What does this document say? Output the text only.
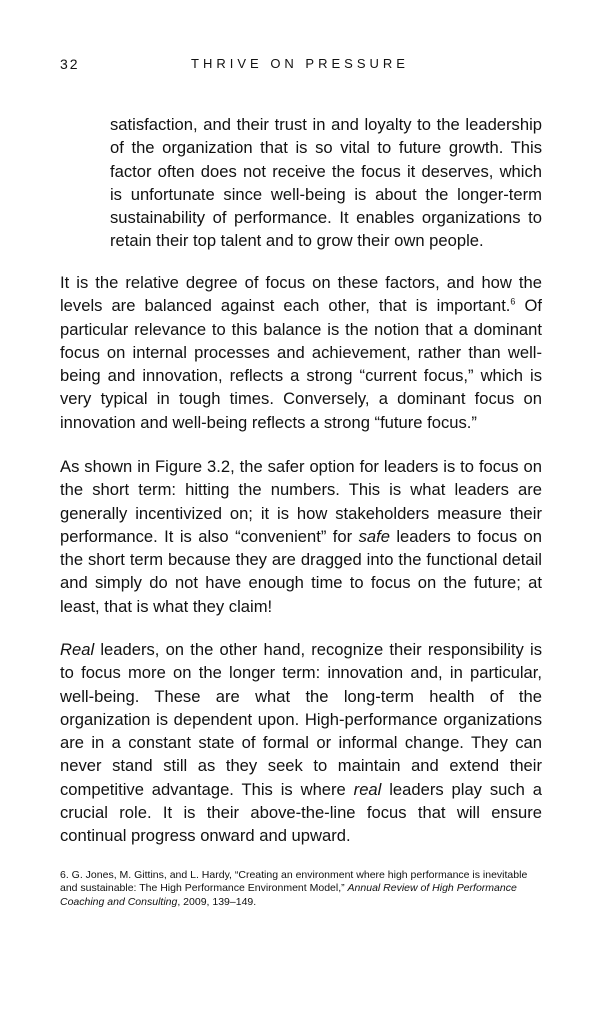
32	THRIVE ON PRESSURE

satisfaction, and their trust in and loyalty to the leadership of the organization that is so vital to future growth. This factor often does not receive the focus it deserves, which is unfortunate since well-being is about the longer-term sustainability of performance. It enables organizations to retain their top talent and to grow their own people.

It is the relative degree of focus on these factors, and how the levels are balanced against each other, that is important.$^6$ Of particular relevance to this balance is the notion that a dominant focus on internal processes and achievement, rather than well-being and innovation, reflects a strong “current focus,” which is very typical in tough times. Conversely, a dominant focus on innovation and well-being reflects a strong “future focus.”

As shown in Figure 3.2, the safer option for leaders is to focus on the short term: hitting the numbers. This is what leaders are generally incentivized on; it is how stakeholders measure their performance. It is also “convenient” for safe leaders to focus on the short term because they are dragged into the functional detail and simply do not have enough time to focus on the future; at least, that is what they claim!

Real leaders, on the other hand, recognize their responsibility is to focus more on the longer term: innovation and, in particular, well-being. These are what the long-term health of the organization is dependent upon. High-performance organizations are in a constant state of formal or informal change. They can never stand still as they seek to maintain and extend their competitive advantage. This is where real leaders play such a crucial role. It is their above-the-line focus that will ensure continual progress onward and upward.

6. G. Jones, M. Gittins, and L. Hardy, “Creating an environment where high performance is inevitable and sustainable: The High Performance Environment Model,” Annual Review of High Performance Coaching and Consulting, 2009, 139–149.
